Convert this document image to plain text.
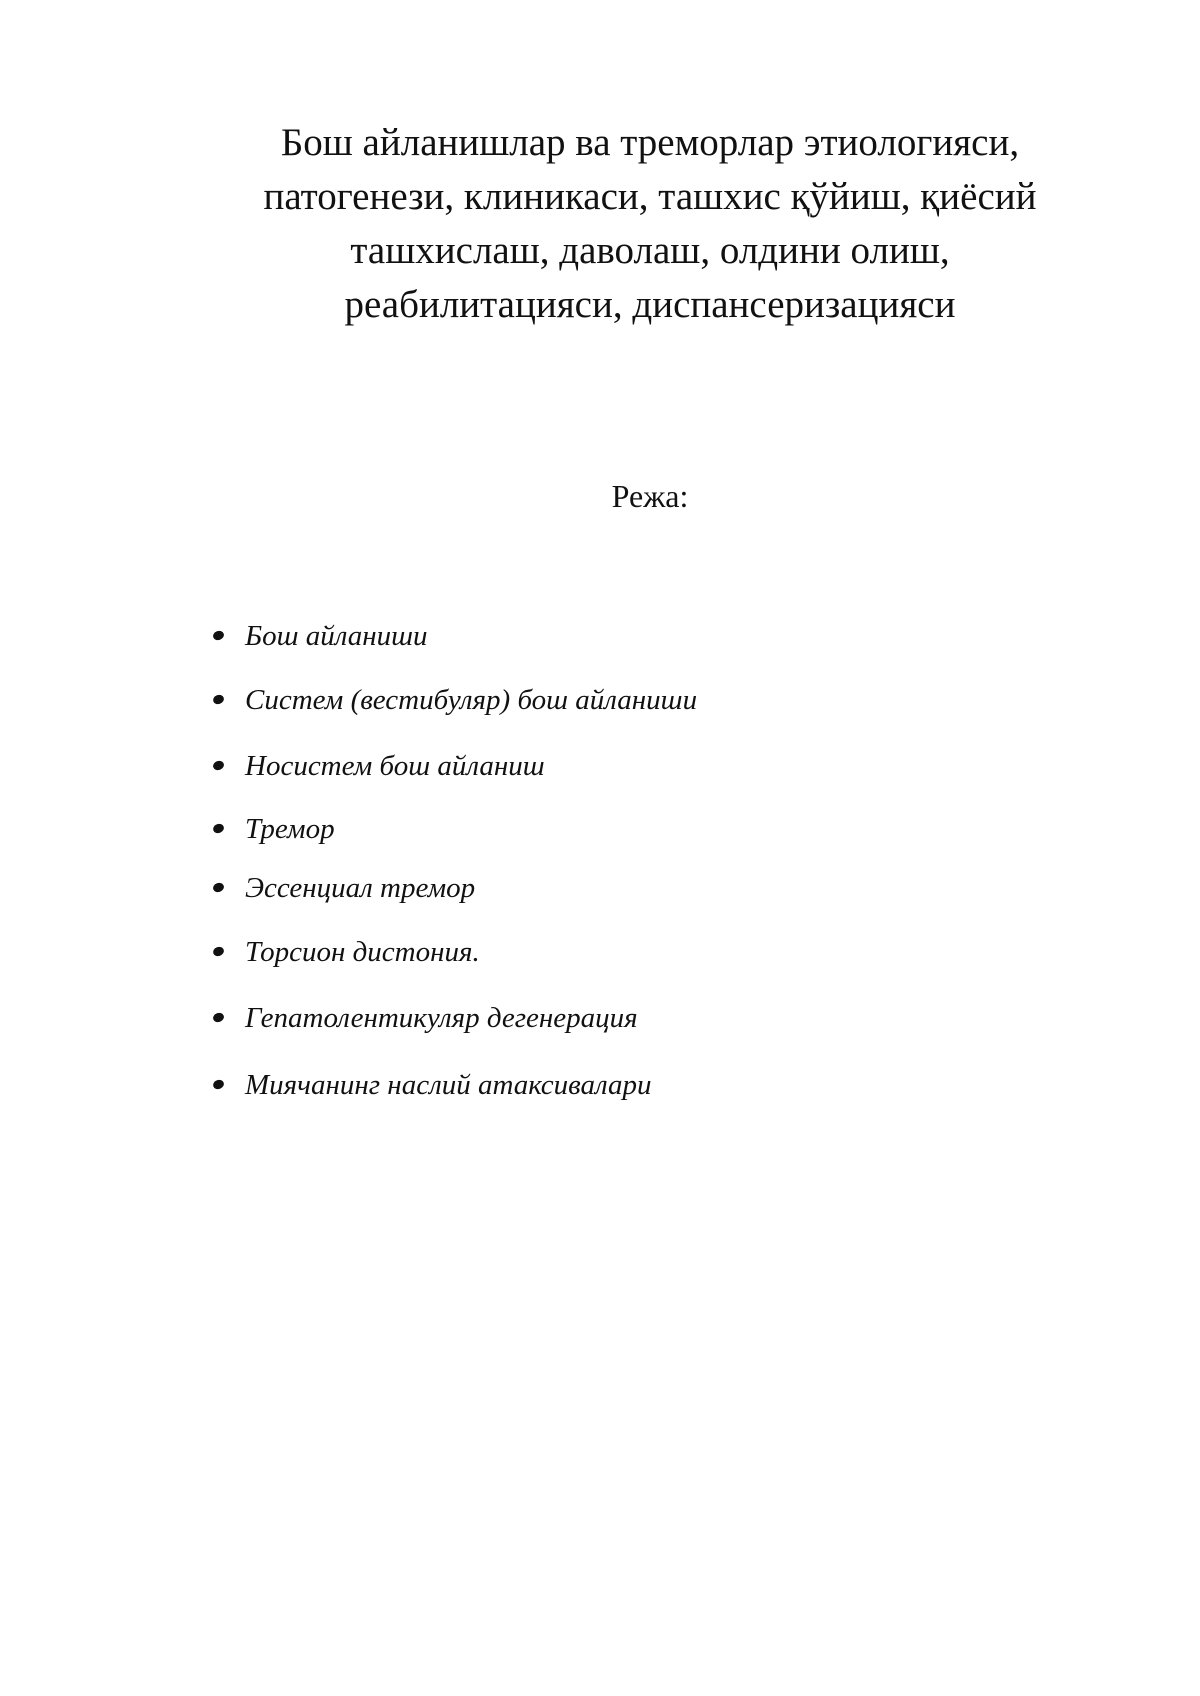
Бош айланишлар ва треморлар этиологияси,
патогенези, клиникаси, ташхис қўйиш, қиёсий
ташхислаш, даволаш, олдини олиш,
реабилитацияси, диспансеризацияси
Режа:
Бош айланиши
Систем (вестибуляр) бош айланиши
Носистем бош айланиш
Тремор
Эссенциал тремор
Торсион дистония.
Гепатолентикуляр дегенерация
Миячанинг наслий атаксивалари
